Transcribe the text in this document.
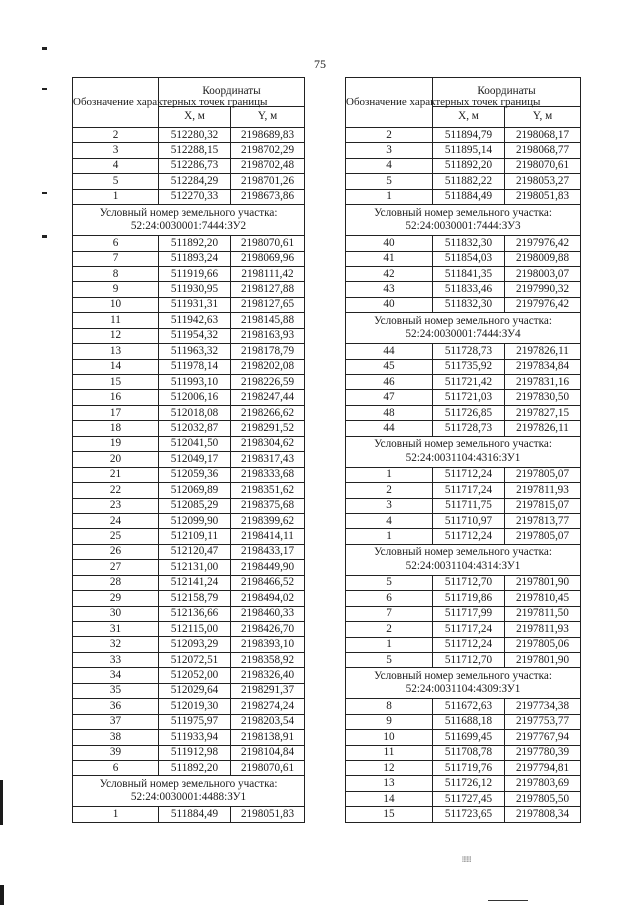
75
Обозначение характерных точек границы	Координаты	
	X, м	Y, м
2	512280,32	2198689,83
3	512288,15	2198702,29
4	512286,73	2198702,48
5	512284,29	2198701,26
1	512270,33	2198673,86

Условный номер земельного участка:
52:24:0030001:7444:ЗУ2		

6	511892,20	2198070,61
7	511893,24	2198069,96
8	511919,66	2198111,42
9	511930,95	2198127,88
10	511931,31	2198127,65
11	511942,63	2198145,88
12	511954,32	2198163,93
13	511963,32	2198178,79
14	511978,14	2198202,08
15	511993,10	2198226,59
16	512006,16	2198247,44
17	512018,08	2198266,62
18	512032,87	2198291,52
19	512041,50	2198304,62
20	512049,17	2198317,43
21	512059,36	2198333,68
22	512069,89	2198351,62
23	512085,29	2198375,68
24	512099,90	2198399,62
25	512109,11	2198414,11
26	512120,47	2198433,17
27	512131,00	2198449,90
28	512141,24	2198466,52
29	512158,79	2198494,02
30	512136,66	2198460,33
31	512115,00	2198426,70
32	512093,29	2198393,10
33	512072,51	2198358,92
34	512052,00	2198326,40
35	512029,64	2198291,37
36	512019,30	2198274,24
37	511975,97	2198203,54
38	511933,94	2198138,91
39	511912,98	2198104,84
6	511892,20	2198070,61

Условный номер земельного участка:
52:24:0030001:4488:ЗУ1		

1	511884,49	2198051,83
Обозначение характерных точек границы	Координаты	
	X, м	Y, м
2	511894,79	2198068,17
3	511895,14	2198068,77
4	511892,20	2198070,61
5	511882,22	2198053,27
1	511884,49	2198051,83

Условный номер земельного участка:
52:24:0030001:7444:ЗУ3		

40	511832,30	2197976,42
41	511854,03	2198009,88
42	511841,35	2198003,07
43	511833,46	2197990,32
40	511832,30	2197976,42

Условный номер земельного участка:
52:24:0030001:7444:ЗУ4		

44	511728,73	2197826,11
45	511735,92	2197834,84
46	511721,42	2197831,16
47	511721,03	2197830,50
48	511726,85	2197827,15
44	511728,73	2197826,11

Условный номер земельного участка:
52:24:0031104:4316:ЗУ1		

1	511712,24	2197805,07
2	511717,24	2197811,93
3	511711,75	2197815,07
4	511710,97	2197813,77
1	511712,24	2197805,07

Условный номер земельного участка:
52:24:0031104:4314:ЗУ1		

5	511712,70	2197801,90
6	511719,86	2197810,45
7	511717,99	2197811,50
2	511717,24	2197811,93
1	511712,24	2197805,06
5	511712,70	2197801,90

Условный номер земельного участка:
52:24:0031104:4309:ЗУ1		

8	511672,63	2197734,38
9	511688,18	2197753,77
10	511699,45	2197767,94
11	511708,78	2197780,39
12	511719,76	2197794,81
13	511726,12	2197803,69
14	511727,45	2197805,50
15	511723,65	2197808,34
⸽⸽⸽
